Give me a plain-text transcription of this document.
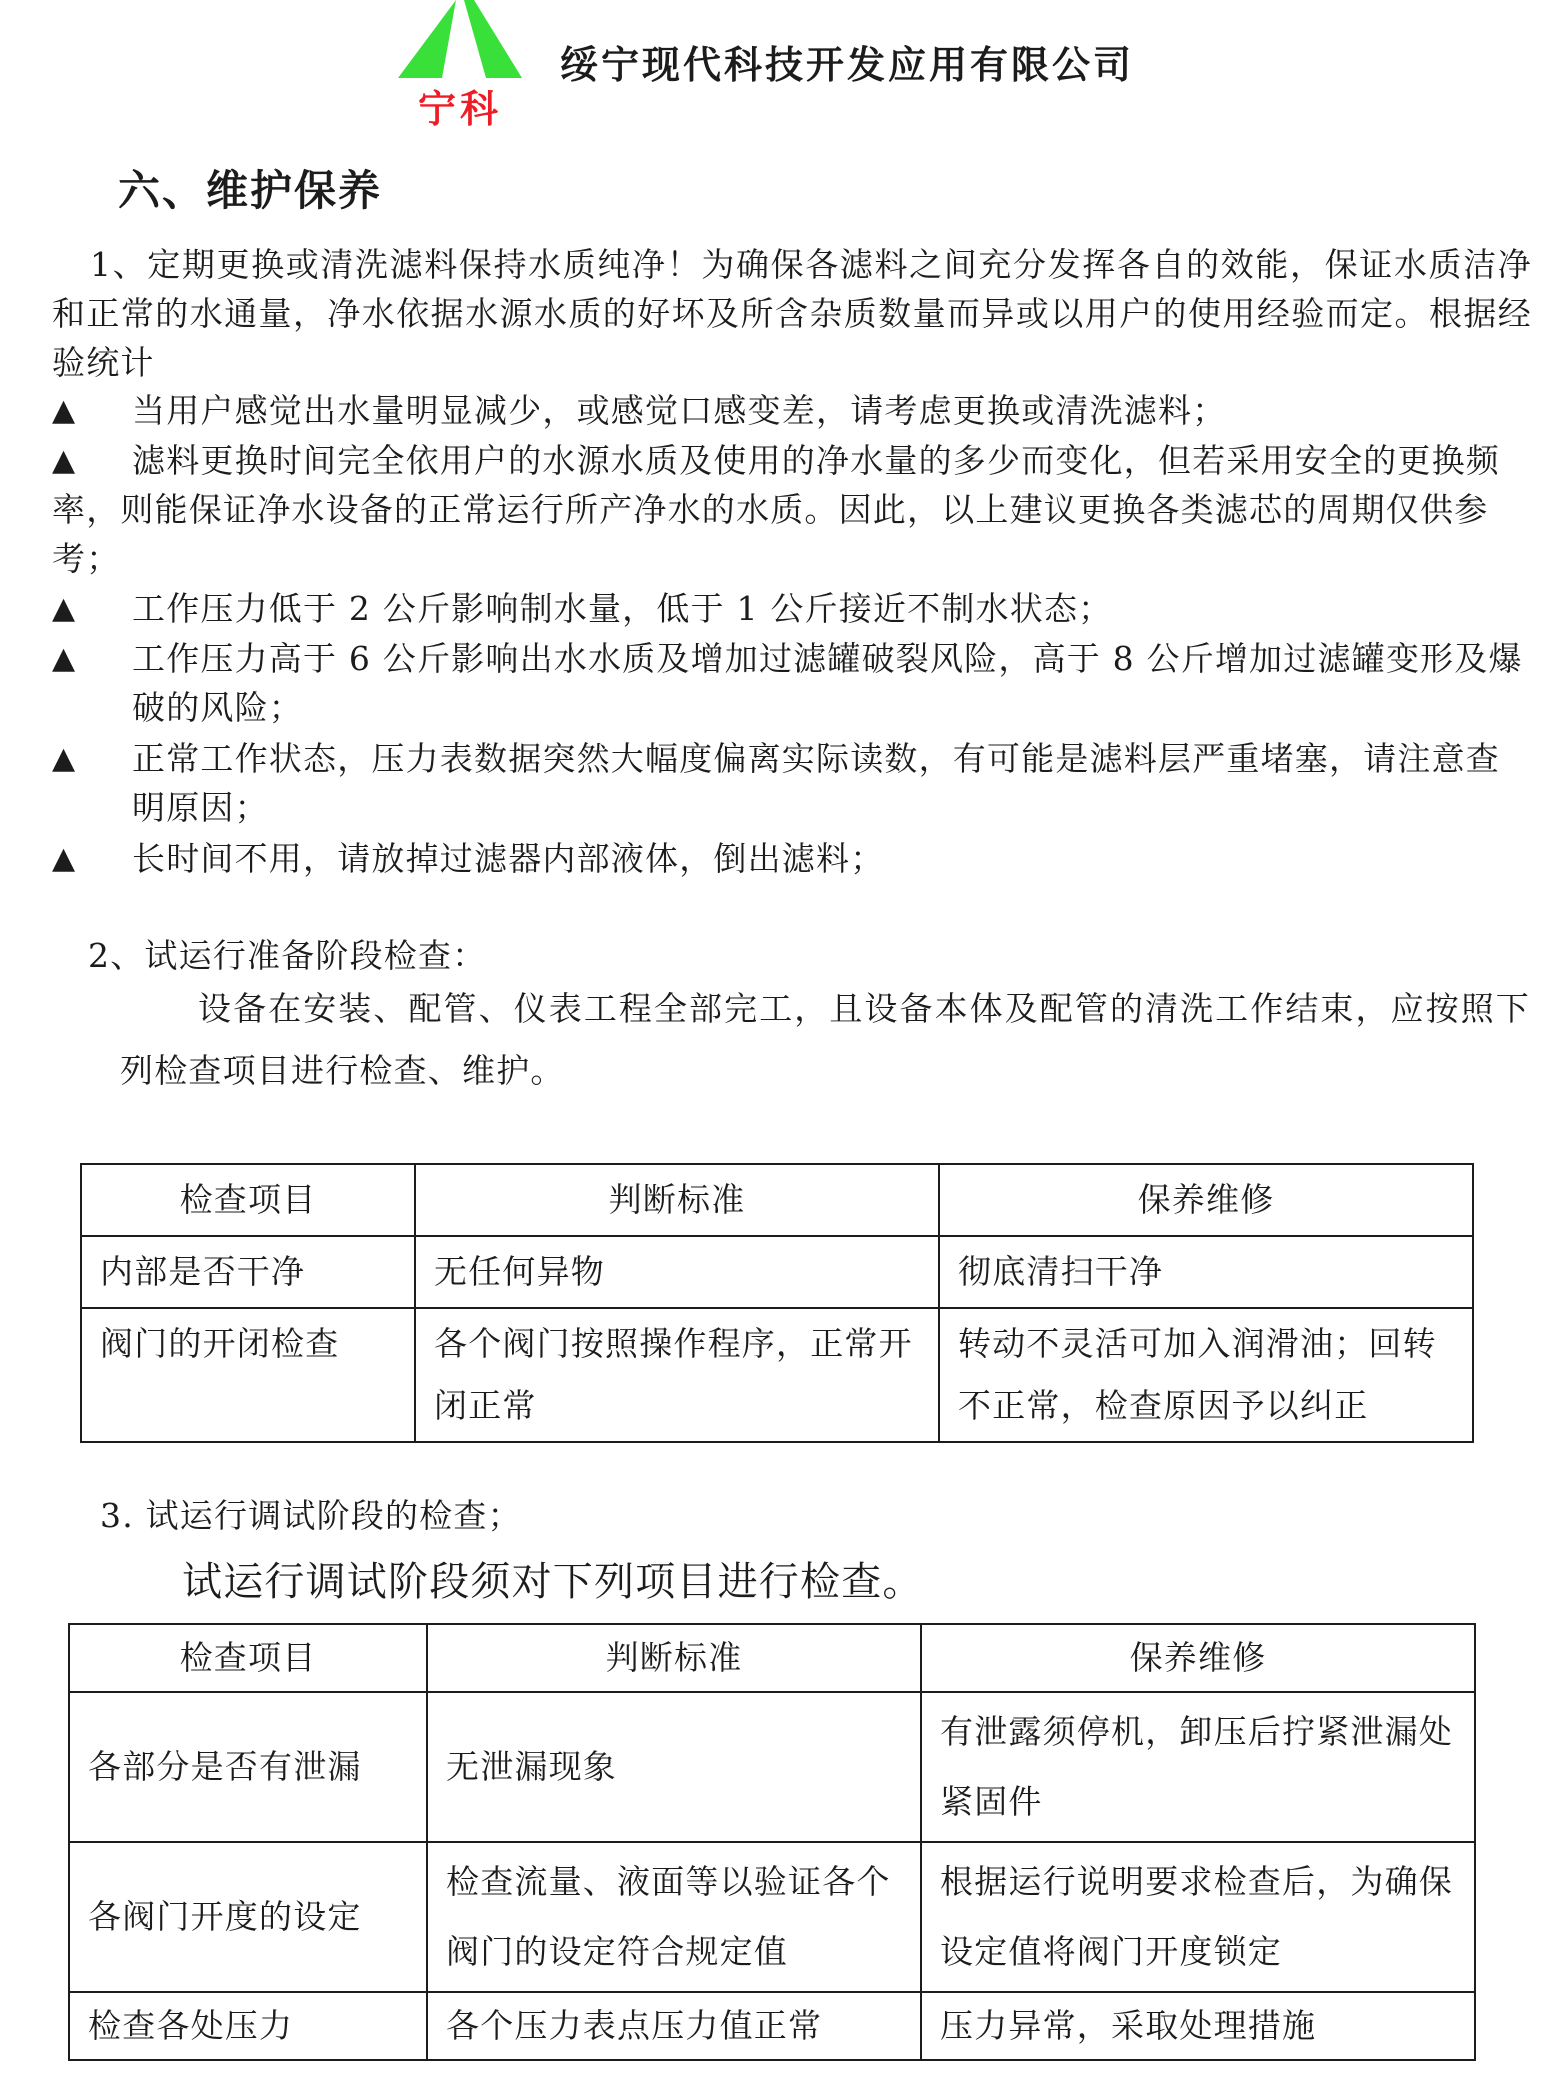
宁科
绥宁现代科技开发应用有限公司
六、维护保养
1、定期更换或清洗滤料保持水质纯净！为确保各滤料之间充分发挥各自的效能，保证水质洁净和正常的水通量，净水依据水源水质的好坏及所含杂质数量而异或以用户的使用经验而定。根据经验统计
▲	当用户感觉出水量明显减少，或感觉口感变差，请考虑更换或清洗滤料；
▲	滤料更换时间完全依用户的水源水质及使用的净水量的多少而变化，但若采用安全的更换频率，则能保证净水设备的正常运行所产净水的水质。因此，以上建议更换各类滤芯的周期仅供参考；
▲	工作压力低于 2 公斤影响制水量，低于 1 公斤接近不制水状态；
▲	工作压力高于 6 公斤影响出水水质及增加过滤罐破裂风险，高于 8 公斤增加过滤罐变形及爆破的风险；
▲	正常工作状态，压力表数据突然大幅度偏离实际读数，有可能是滤料层严重堵塞，请注意查明原因；
▲	长时间不用，请放掉过滤器内部液体，倒出滤料；
2、试运行准备阶段检查：
设备在安装、配管、仪表工程全部完工，且设备本体及配管的清洗工作结束，应按照下列检查项目进行检查、维护。
检查项目	判断标准	保养维修
内部是否干净	无任何异物	彻底清扫干净
阀门的开闭检查	各个阀门按照操作程序，正常开闭正常	转动不灵活可加入润滑油；回转不正常，检查原因予以纠正
3. 试运行调试阶段的检查；
试运行调试阶段须对下列项目进行检查。
检查项目	判断标准	保养维修
各部分是否有泄漏	无泄漏现象	有泄露须停机，卸压后拧紧泄漏处紧固件
各阀门开度的设定	检查流量、液面等以验证各个阀门的设定符合规定值	根据运行说明要求检查后，为确保设定值将阀门开度锁定
检查各处压力	各个压力表点压力值正常	压力异常，采取处理措施
